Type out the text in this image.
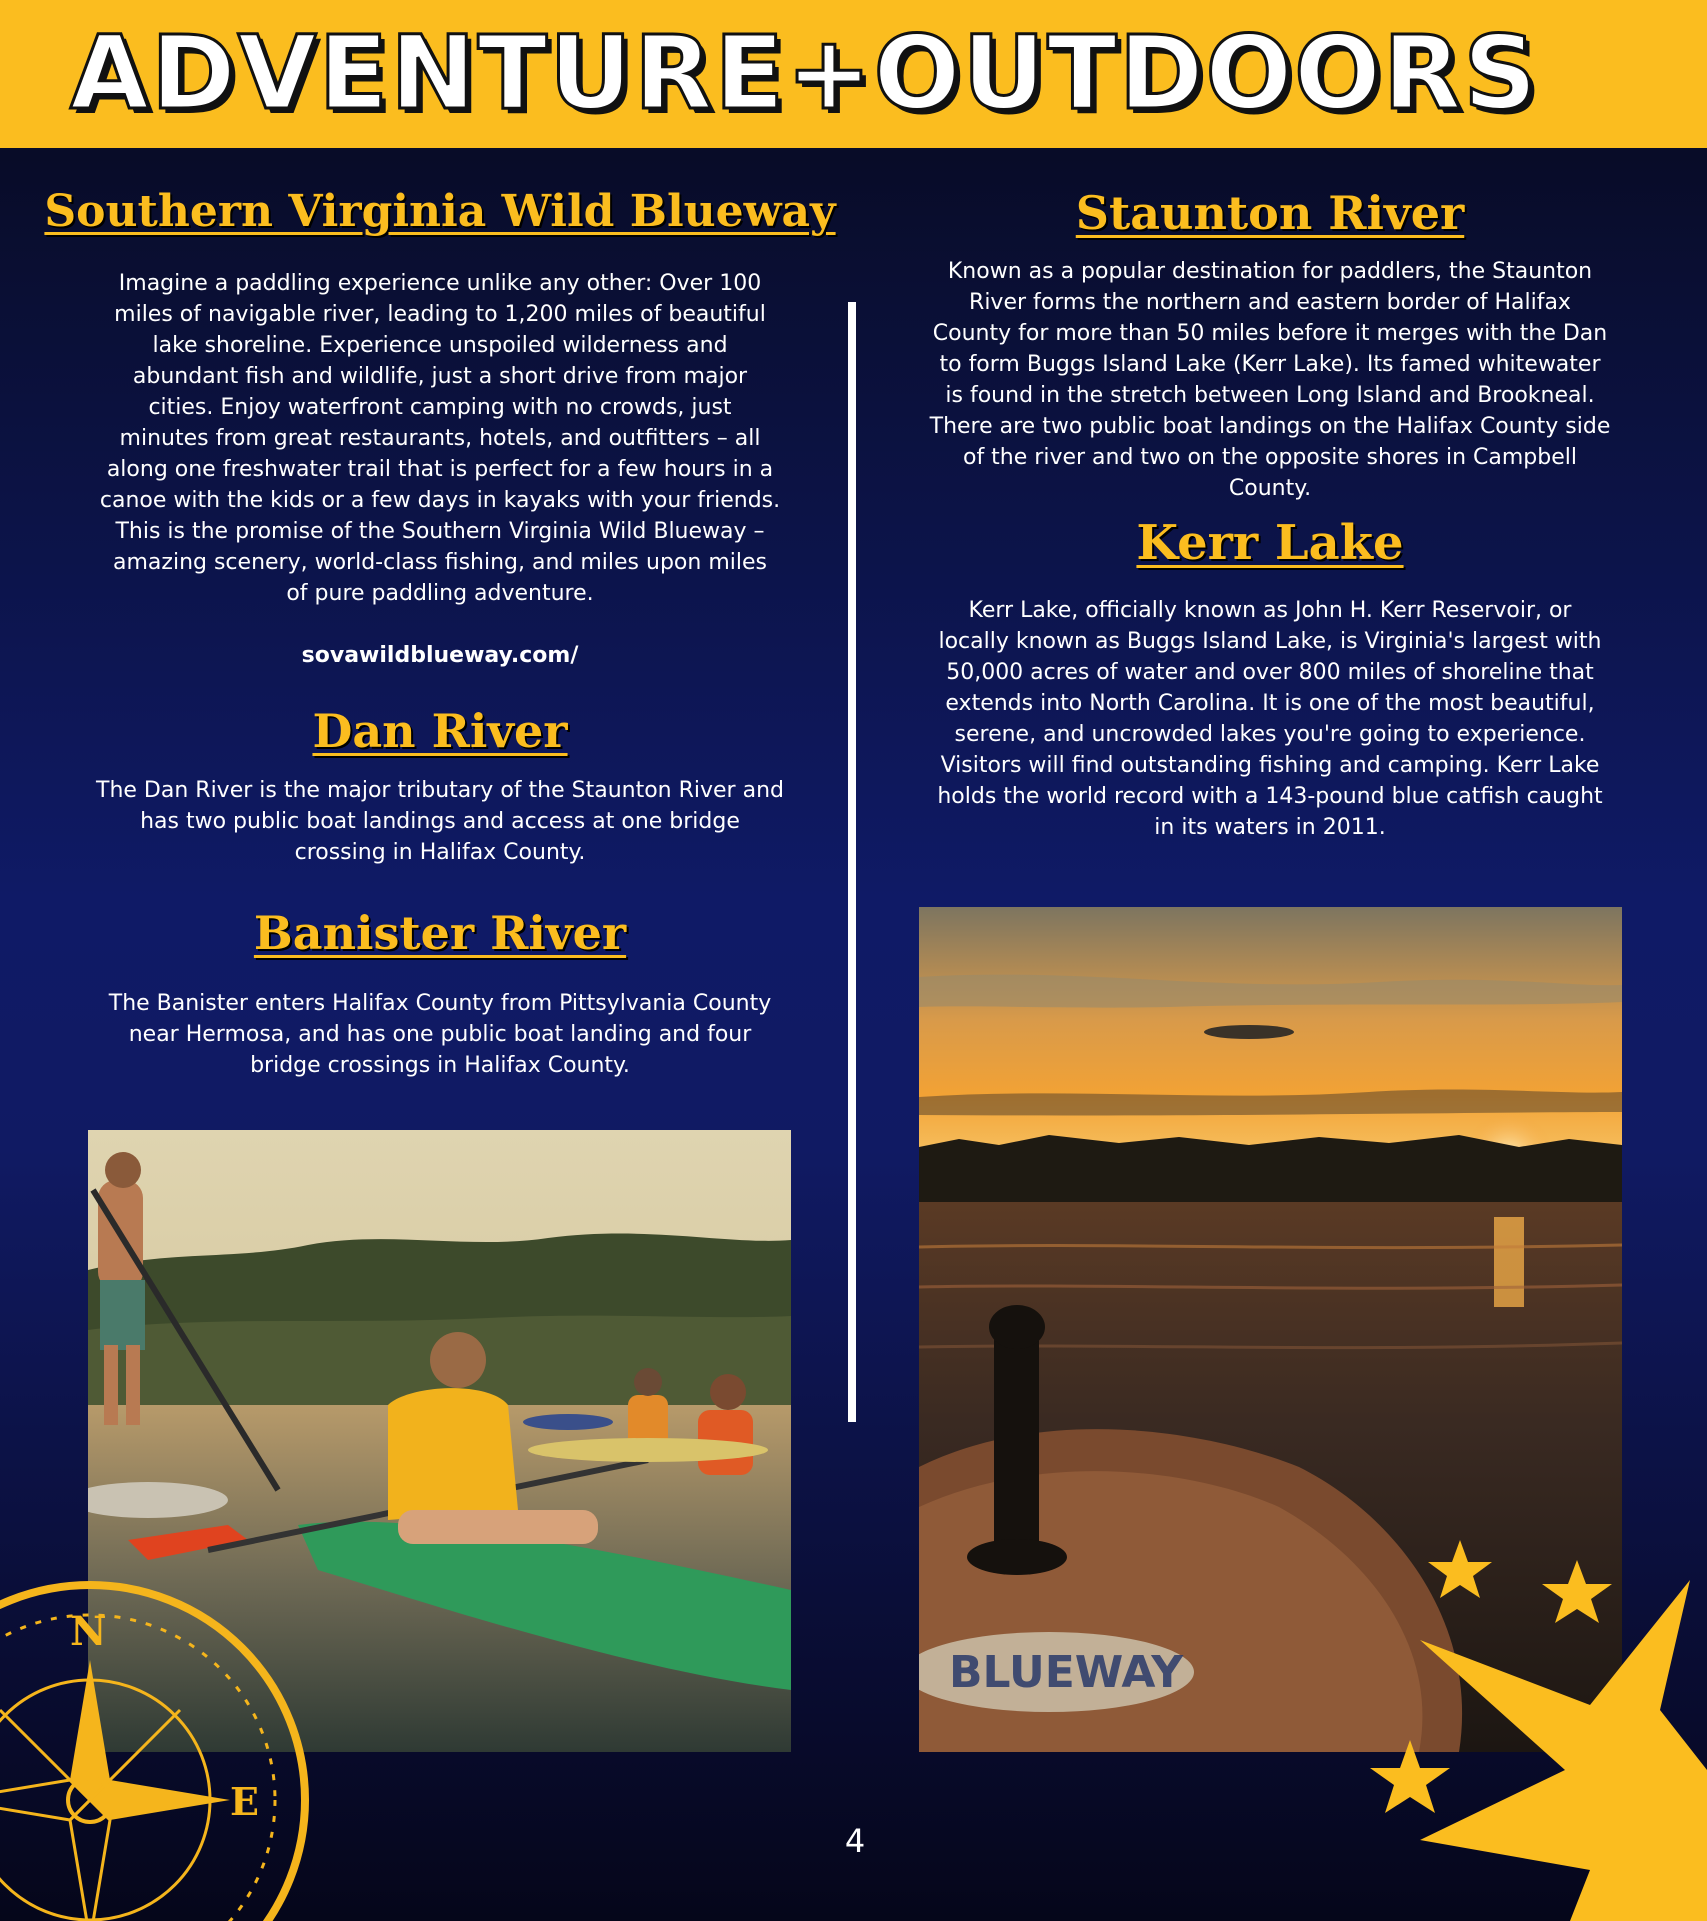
ADVENTURE+OUTDOORS
Southern Virginia Wild Blueway
Imagine a paddling experience unlike any other: Over 100
miles of navigable river, leading to 1,200 miles of beautiful
lake shoreline. Experience unspoiled wilderness and
abundant fish and wildlife, just a short drive from major
cities. Enjoy waterfront camping with no crowds, just
minutes from great restaurants, hotels, and outfitters – all
along one freshwater trail that is perfect for a few hours in a
canoe with the kids or a few days in kayaks with your friends.
This is the promise of the Southern Virginia Wild Blueway –
amazing scenery, world-class fishing, and miles upon miles
of pure paddling adventure.
sovawildblueway.com/
Dan River
The Dan River is the major tributary of the Staunton River and
has two public boat landings and access at one bridge
crossing in Halifax County.
Banister River
The Banister enters Halifax County from Pittsylvania County
near Hermosa, and has one public boat landing and four
bridge crossings in Halifax County.
Staunton River
Known as a popular destination for paddlers, the Staunton
River forms the northern and eastern border of Halifax
County for more than 50 miles before it merges with the Dan
to form Buggs Island Lake (Kerr Lake). Its famed whitewater
is found in the stretch between Long Island and Brookneal.
There are two public boat landings on the Halifax County side
of the river and two on the opposite shores in Campbell
County.
Kerr Lake
Kerr Lake, officially known as John H. Kerr Reservoir, or
locally known as Buggs Island Lake, is Virginia's largest with
50,000 acres of water and over 800 miles of shoreline that
extends into North Carolina. It is one of the most beautiful,
serene, and uncrowded lakes you're going to experience.
Visitors will find outstanding fishing and camping. Kerr Lake
holds the world record with a 143-pound blue catfish caught
in its waters in 2011.
BLUEWAY
N
E
4
